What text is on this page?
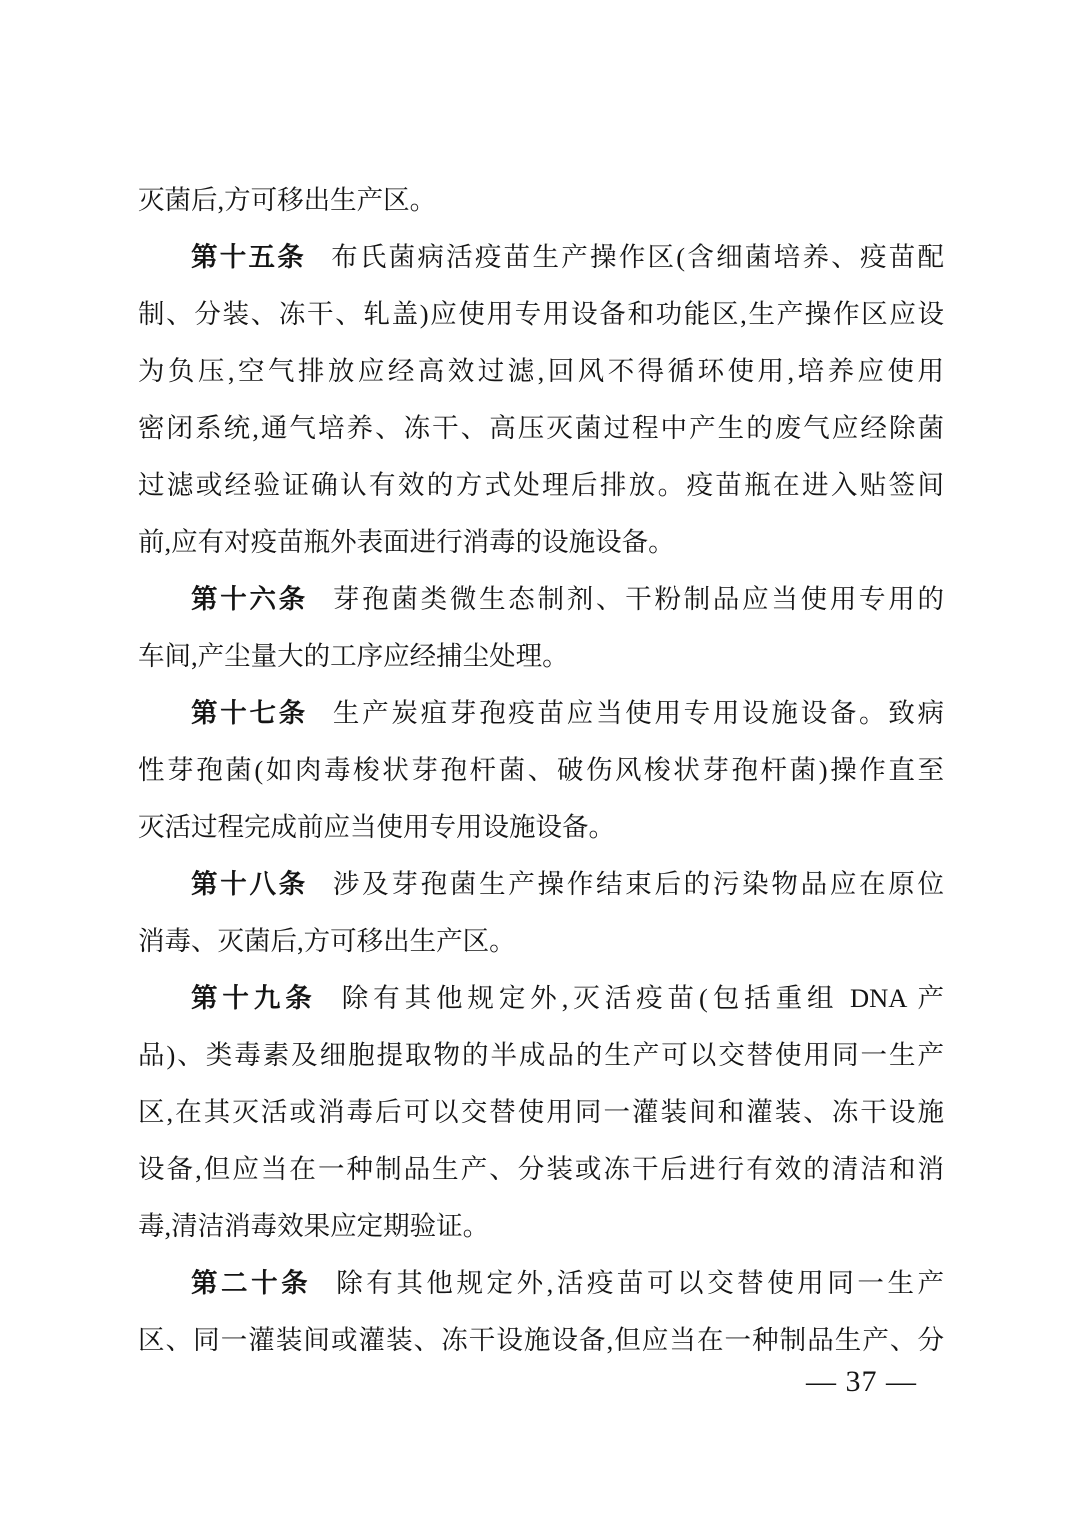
灭菌后,方可移出生产区。
第十五条 布氏菌病活疫苗生产操作区(含细菌培养、疫苗配
制、分装、冻干、轧盖)应使用专用设备和功能区,生产操作区应设
为负压,空气排放应经高效过滤,回风不得循环使用,培养应使用
密闭系统,通气培养、冻干、高压灭菌过程中产生的废气应经除菌
过滤或经验证确认有效的方式处理后排放。疫苗瓶在进入贴签间
前,应有对疫苗瓶外表面进行消毒的设施设备。
第十六条 芽孢菌类微生态制剂、干粉制品应当使用专用的
车间,产尘量大的工序应经捕尘处理。
第十七条 生产炭疽芽孢疫苗应当使用专用设施设备。致病
性芽孢菌(如肉毒梭状芽孢杆菌、破伤风梭状芽孢杆菌)操作直至
灭活过程完成前应当使用专用设施设备。
第十八条 涉及芽孢菌生产操作结束后的污染物品应在原位
消毒、灭菌后,方可移出生产区。
第十九条 除有其他规定外,灭活疫苗(包括重组 DNA 产
品)、类毒素及细胞提取物的半成品的生产可以交替使用同一生产
区,在其灭活或消毒后可以交替使用同一灌装间和灌装、冻干设施
设备,但应当在一种制品生产、分装或冻干后进行有效的清洁和消
毒,清洁消毒效果应定期验证。
第二十条 除有其他规定外,活疫苗可以交替使用同一生产
区、同一灌装间或灌装、冻干设施设备,但应当在一种制品生产、分
— 37 —
